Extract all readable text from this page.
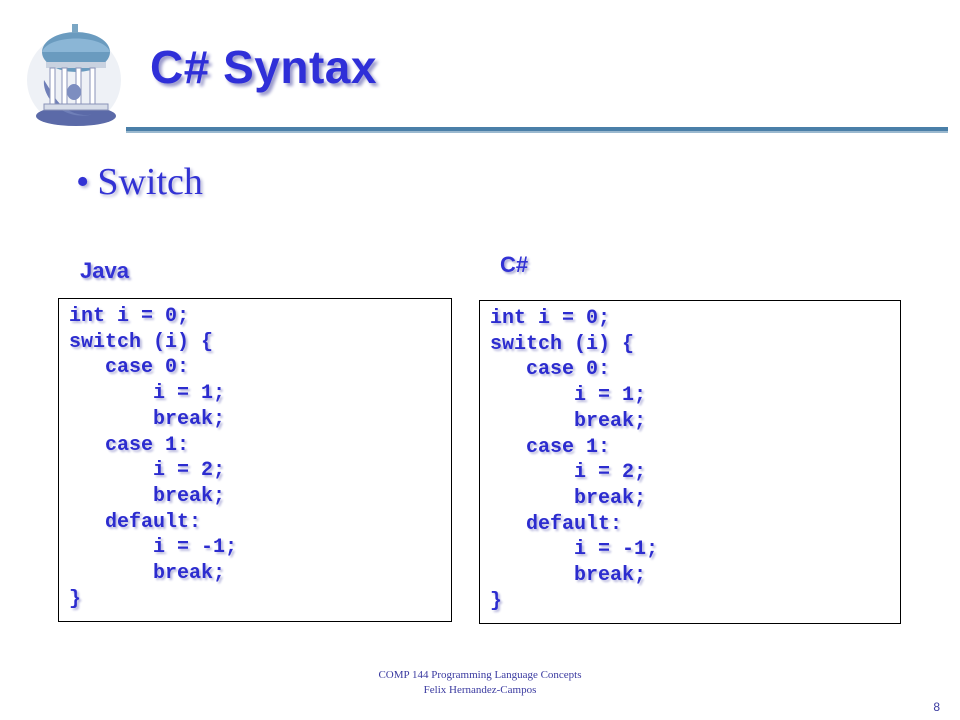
C# Syntax
• Switch
Java	C#
int i = 0;
switch (i) {
case 0:
i = 1;
break;
case 1:
i = 2;
break;
default:
i = -1;
break;
}
int i = 0;
switch (i) {
case 0:
i = 1;
break;
case 1:
i = 2;
break;
default:
i = -1;
break;
}
COMP 144 Programming Language Concepts
Felix Hernandez-Campos
8
